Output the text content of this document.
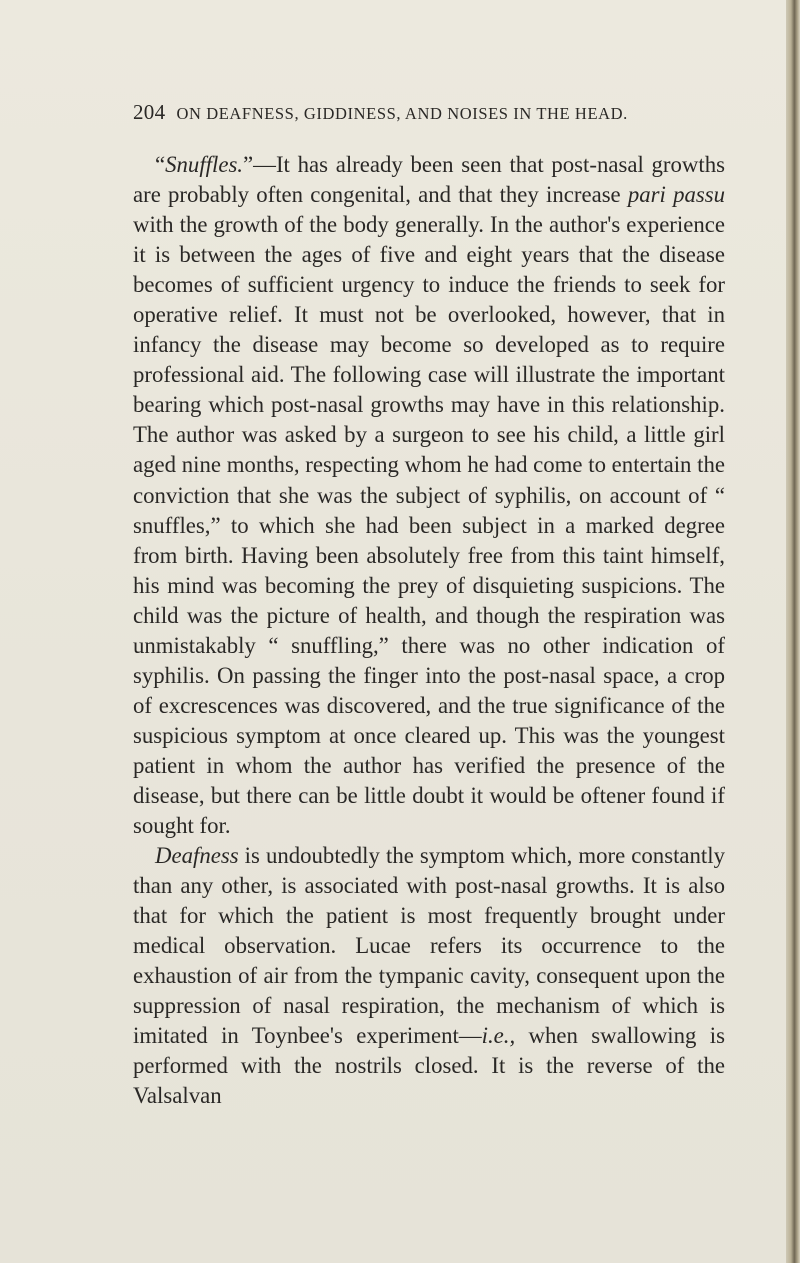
204 ON DEAFNESS, GIDDINESS, AND NOISES IN THE HEAD.

“Snuffles.”—It has already been seen that post-nasal growths are probably often congenital, and that they increase pari passu with the growth of the body generally. In the author's experience it is between the ages of five and eight years that the disease becomes of sufficient urgency to induce the friends to seek for operative relief. It must not be overlooked, however, that in infancy the disease may become so developed as to require professional aid. The following case will illustrate the important bearing which post-nasal growths may have in this relationship. The author was asked by a surgeon to see his child, a little girl aged nine months, respecting whom he had come to entertain the conviction that she was the subject of syphilis, on account of “ snuffles,” to which she had been subject in a marked degree from birth. Having been absolutely free from this taint himself, his mind was becoming the prey of disquieting suspicions. The child was the picture of health, and though the respiration was unmistakably “ snuffling,” there was no other indication of syphilis. On passing the finger into the post-nasal space, a crop of excrescences was discovered, and the true significance of the suspicious symptom at once cleared up. This was the youngest patient in whom the author has verified the presence of the disease, but there can be little doubt it would be oftener found if sought for.

Deafness is undoubtedly the symptom which, more constantly than any other, is associated with post-nasal growths. It is also that for which the patient is most frequently brought under medical observation. Lucae refers its occurrence to the exhaustion of air from the tympanic cavity, consequent upon the suppression of nasal respiration, the mechanism of which is imitated in Toynbee's experiment—i.e., when swallowing is performed with the nostrils closed. It is the reverse of the Valsalvan
